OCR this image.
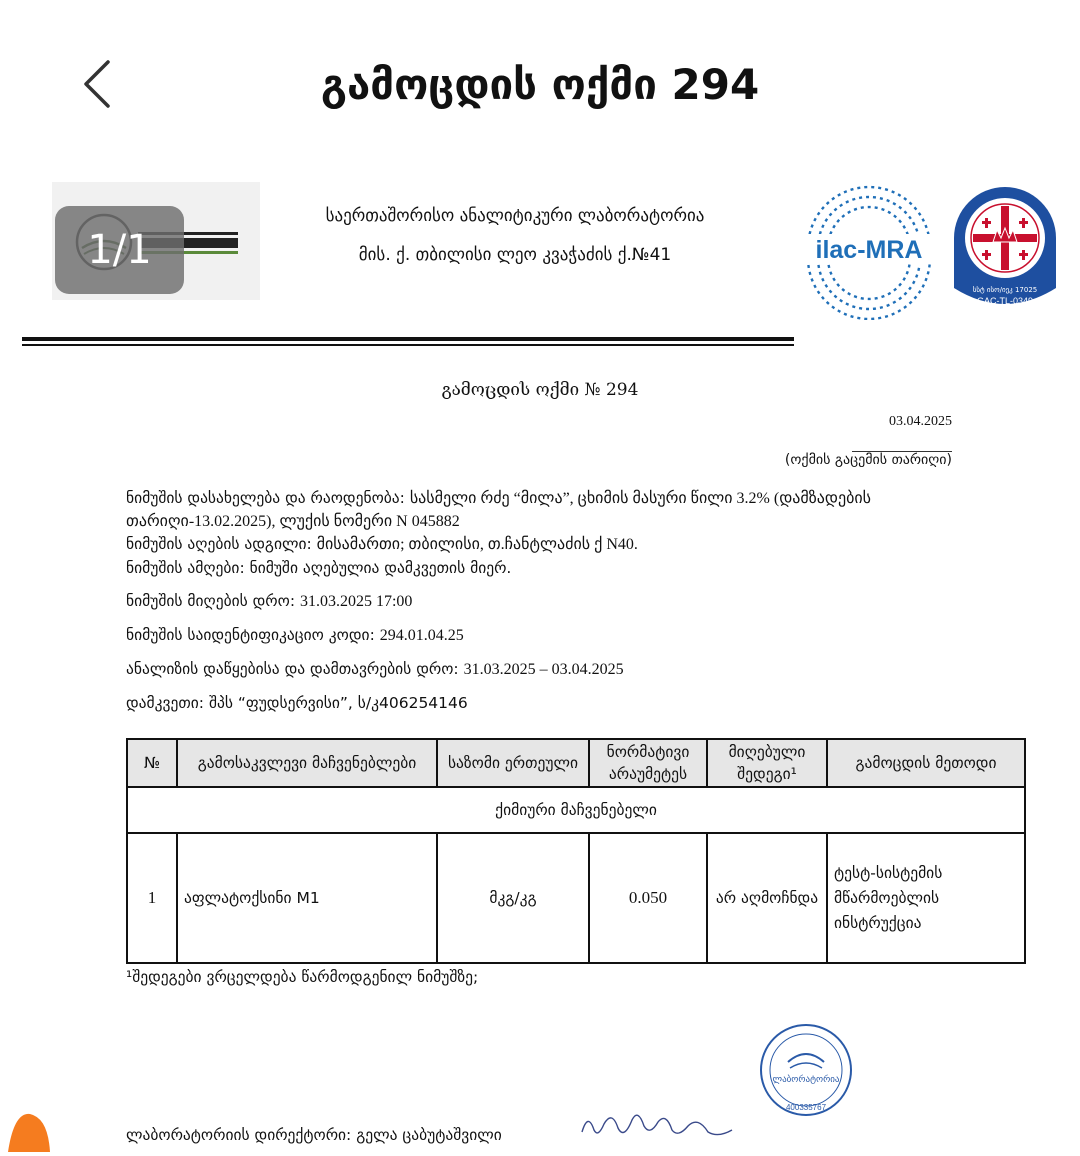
გამოცდის ოქმი 294
1/1
საერთაშორისო ანალიტიკური ლაბორატორია
მის. ქ. თბილისი ლეო კვაჭაძის ქ.№41	ilac-MRA
სსტ ისო/იეკ 17025
GAC-TL-0349
გამოცდის ოქმი № 294
03.04.2025
(ოქმის გაცემის თარიღი)
ნიმუშის დასახელება და რაოდენობა: სასმელი რძე “მილა”, ცხიმის მასური წილი 3.2% (დამზადების თარიღი-13.02.2025), ლუქის ნომერი N 045882
ნიმუშის აღების ადგილი: მისამართი; თბილისი, თ.ჩანტლაძის ქ N40.
ნიმუშის ამღები: ნიმუში აღებულია დამკვეთის მიერ.
ნიმუშის მიღების დრო: 31.03.2025 17:00
ნიმუშის საიდენტიფიკაციო კოდი: 294.01.04.25
ანალიზის დაწყებისა და დამთავრების დრო: 31.03.2025 – 03.04.2025
დამკვეთი: შპს “ფუდსერვისი”, ს/კ406254146
№	გამოსაკვლევი მაჩვენებლები	საზომი ერთეული	ნორმატივი არაუმეტეს	მიღებული შედეგი¹	გამოცდის მეთოდი
ქიმიური მაჩვენებელი					
1	აფლატოქსინი M1	მკგ/კგ	0.050	არ აღმოჩნდა	ტესტ-სისტემის მწარმოებლის ინსტრუქცია
¹შედეგები ვრცელდება წარმოდგენილ ნიმუშზე;
ლაბორატორია
400335767
ლაბორატორიის დირექტორი: გელა ცაბუტაშვილი
